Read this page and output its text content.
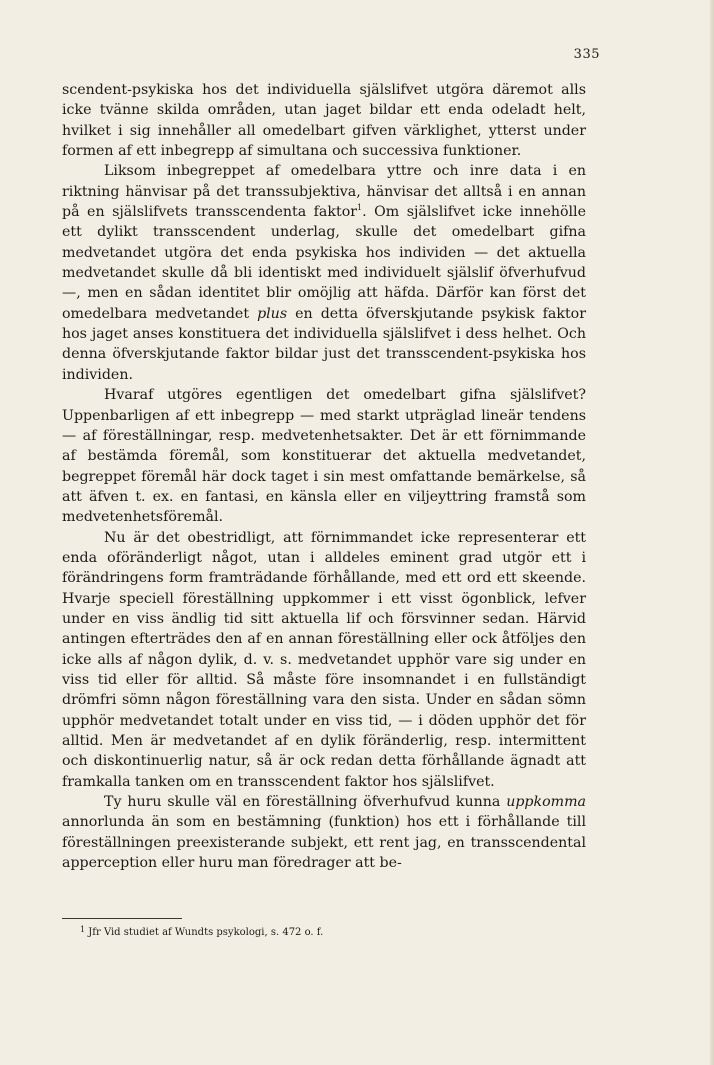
335

scendent-psykiska hos det individuella själslifvet utgöra däremot alls icke tvänne skilda områden, utan jaget bildar ett enda odeladt helt, hvilket i sig innehåller all omedelbart gifven värklighet, ytterst under formen af ett inbegrepp af simultana och successiva funktioner.

Liksom inbegreppet af omedelbara yttre och inre data i en riktning hänvisar på det transsubjektiva, hänvisar det alltså i en annan på en själslifvets transscendenta faktor$^1$. Om själslifvet icke innehölle ett dylikt transscendent underlag, skulle det omedelbart gifna medvetandet utgöra det enda psykiska hos individen — det aktuella medvetandet skulle då bli identiskt med individuelt själslif öfverhufvud —, men en sådan identitet blir omöjlig att häfda. Därför kan först det omedelbara medvetandet plus en detta öfverskjutande psykisk faktor hos jaget anses konstituera det individuella själslifvet i dess helhet. Och denna öfverskjutande faktor bildar just det transscendent-psykiska hos individen.

Hvaraf utgöres egentligen det omedelbart gifna själslifvet? Uppenbarligen af ett inbegrepp — med starkt utpräglad lineär tendens — af föreställningar, resp. medvetenhetsakter. Det är ett förnimmande af bestämda föremål, som konstituerar det aktuella medvetandet, begreppet föremål här dock taget i sin mest omfattande bemärkelse, så att äfven t. ex. en fantasi, en känsla eller en viljeyttring framstå som medvetenhetsföremål.

Nu är det obestridligt, att förnimmandet icke representerar ett enda oföränderligt något, utan i alldeles eminent grad utgör ett i förändringens form framträdande förhållande, med ett ord ett skeende. Hvarje speciell föreställning uppkommer i ett visst ögonblick, lefver under en viss ändlig tid sitt aktuella lif och försvinner sedan. Härvid antingen efterträdes den af en annan föreställning eller ock åtföljes den icke alls af någon dylik, d. v. s. medvetandet upphör vare sig under en viss tid eller för alltid. Så måste före insomnandet i en fullständigt drömfri sömn någon föreställning vara den sista. Under en sådan sömn upphör medvetandet totalt under en viss tid, — i döden upphör det för alltid. Men är medvetandet af en dylik föränderlig, resp. intermittent och diskontinuerlig natur, så är ock redan detta förhållande ägnadt att framkalla tanken om en transscendent faktor hos själslifvet.

Ty huru skulle väl en föreställning öfverhufvud kunna uppkomma annorlunda än som en bestämning (funktion) hos ett i förhållande till föreställningen preexisterande subjekt, ett rent jag, en transscendental apperception eller huru man föredrager att be-

$^1$ Jfr Vid studiet af Wundts psykologi, s. 472 o. f.
